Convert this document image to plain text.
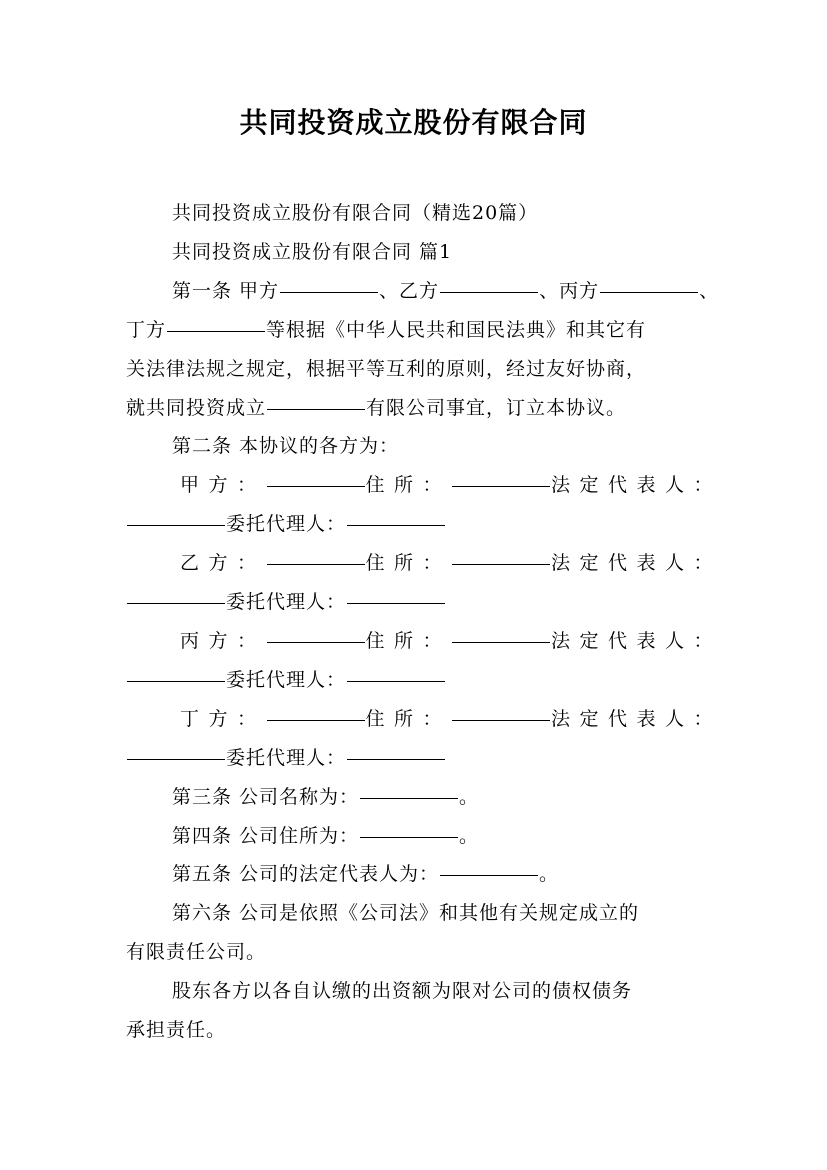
共同投资成立股份有限合同

共同投资成立股份有限合同（精选20篇）

共同投资成立股份有限合同 篇1

第一条 甲方	、乙方	、丙方	、

丁方	等根据《中华人民共和国民法典》和其它有

关法律法规之规定，根据平等互利的原则，经过友好协商，

就共同投资成立	有限公司事宜，订立本协议。

第二条 本协议的各方为：

甲方：	住所：	法定代表人：

委托代理人：

乙方：	住所：	法定代表人：

委托代理人：

丙方：	住所：	法定代表人：

委托代理人：

丁方：	住所：	法定代表人：

委托代理人：

第三条 公司名称为：	。

第四条 公司住所为：	。

第五条 公司的法定代表人为：	。

第六条 公司是依照《公司法》和其他有关规定成立的

有限责任公司。

股东各方以各自认缴的出资额为限对公司的债权债务

承担责任。
